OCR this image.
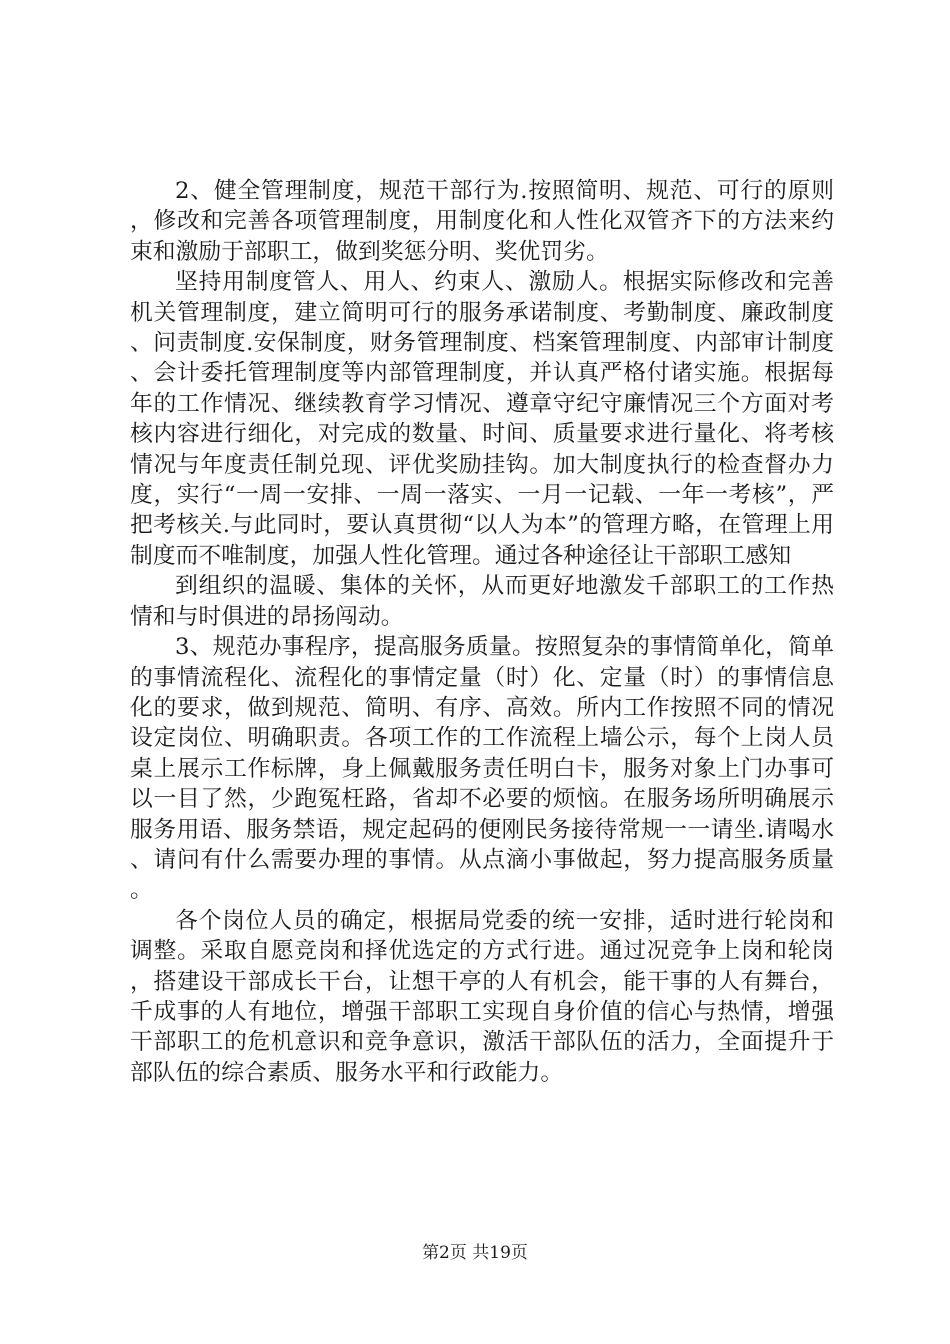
2、健全管理制度，规范干部行为.按照简明、规范、可行的原则，修改和完善各项管理制度，用制度化和人性化双管齐下的方法来约束和激励于部职工，做到奖惩分明、奖优罚劣。

坚持用制度管人、用人、约束人、激励人。根据实际修改和完善机关管理制度，建立简明可行的服务承诺制度、考勤制度、廉政制度、问责制度.安保制度，财务管理制度、档案管理制度、内部审计制度、会计委托管理制度等内部管理制度，并认真严格付诸实施。根据每年的工作情况、继续教育学习情况、遵章守纪守廉情况三个方面对考核内容进行细化，对完成的数量、时间、质量要求进行量化、将考核情况与年度责任制兑现、评优奖励挂钩。加大制度执行的检查督办力度，实行“一周一安排、一周一落实、一月一记载、一年一考核”，严把考核关.与此同时，要认真贯彻“以人为本”的管理方略，在管理上用制度而不唯制度，加强人性化管理。通过各种途径让干部职工感知

到组织的温暖、集体的关怀，从而更好地激发千部职工的工作热情和与时俱进的昂扬闯动。

3、规范办事程序，提高服务质量。按照复杂的事情简单化，简单的事情流程化、流程化的事情定量（时）化、定量（时）的事情信息化的要求，做到规范、简明、有序、高效。所内工作按照不同的情况设定岗位、明确职责。各项工作的工作流程上墙公示，每个上岗人员桌上展示工作标牌，身上佩戴服务责任明白卡，服务对象上门办事可以一目了然，少跑冤枉路，省却不必要的烦恼。在服务场所明确展示服务用语、服务禁语，规定起码的便刚民务接待常规一一请坐.请喝水、请问有什么需要办理的事情。从点滴小事做起，努力提高服务质量。

各个岗位人员的确定，根据局党委的统一安排，适时进行轮岗和调整。采取自愿竞岗和择优选定的方式行进。通过况竞争上岗和轮岗，搭建设干部成长干台，让想干亭的人有机会，能干事的人有舞台，千成事的人有地位，增强干部职工实现自身价值的信心与热情，增强干部职工的危机意识和竞争意识，激活干部队伍的活力，全面提升于部队伍的综合素质、服务水平和行政能力。

第2页 共19页
